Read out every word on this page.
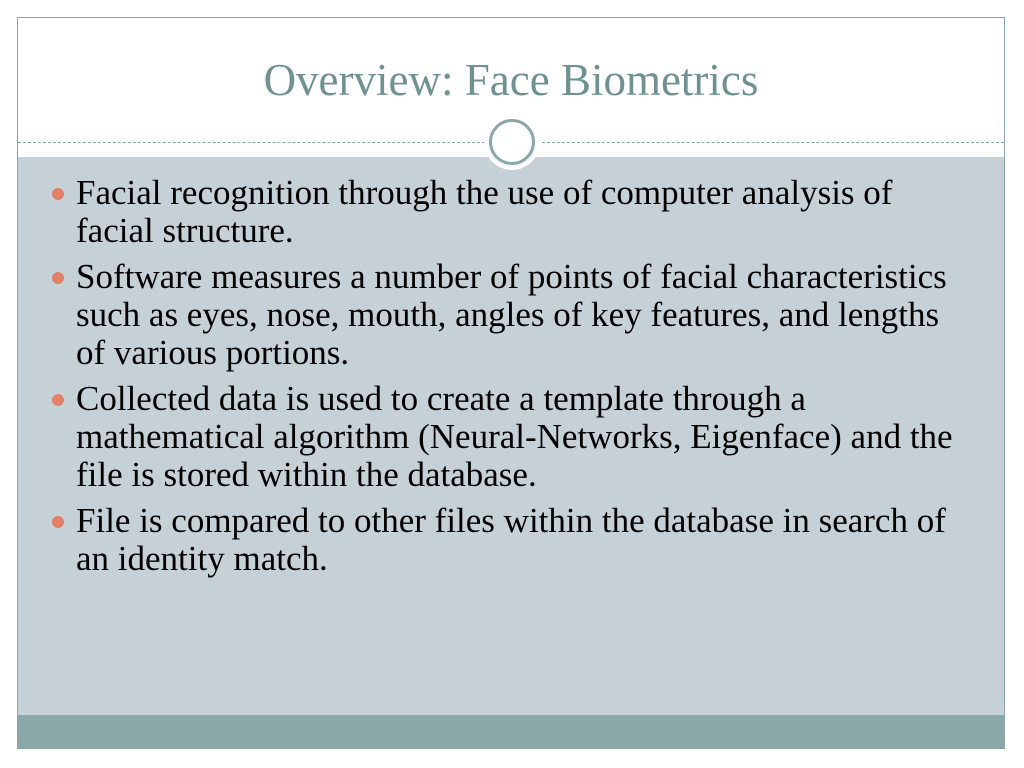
Overview: Face Biometrics
Facial recognition through the use of computer analysis of facial structure.
Software measures a number of points of facial characteristics such as eyes, nose, mouth, angles of key features, and lengths of various portions.
Collected data is used to create a template through a mathematical algorithm (Neural-Networks, Eigenface) and the file is stored within the database.
File is compared to other files within the database in search of an identity match.
